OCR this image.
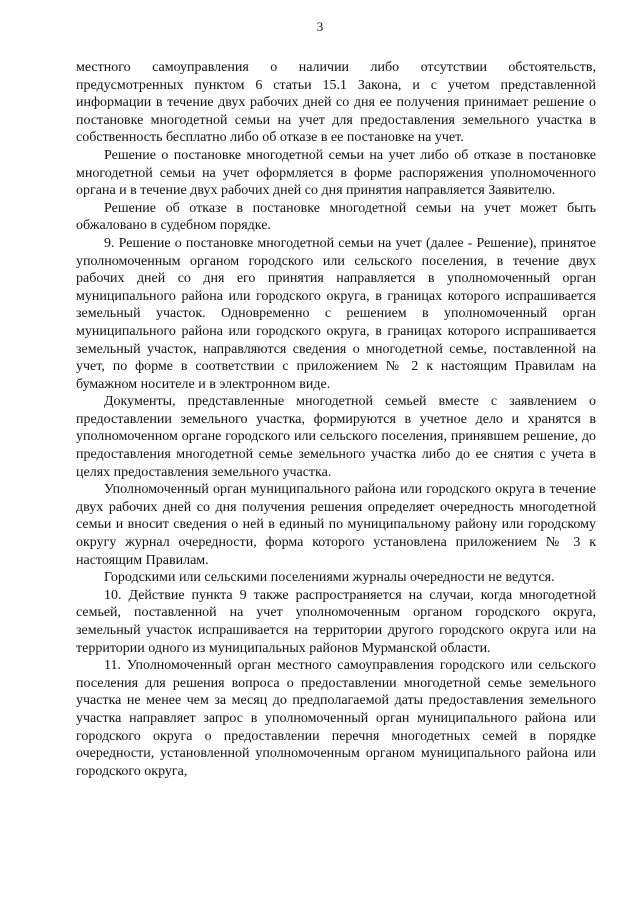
3

местного самоуправления о наличии либо отсутствии обстоятельств, предусмотренных пунктом 6 статьи 15.1 Закона, и с учетом представленной информации в течение двух рабочих дней со дня ее получения принимает решение о постановке многодетной семьи на учет для предоставления земельного участка в собственность бесплатно либо об отказе в ее постановке на учет.

Решение о постановке многодетной семьи на учет либо об отказе в постановке многодетной семьи на учет оформляется в форме распоряжения уполномоченного органа и в течение двух рабочих дней со дня принятия направляется Заявителю.

Решение об отказе в постановке многодетной семьи на учет может быть обжаловано в судебном порядке.

9. Решение о постановке многодетной семьи на учет (далее - Решение), принятое уполномоченным органом городского или сельского поселения, в течение двух рабочих дней со дня его принятия направляется в уполномоченный орган муниципального района или городского округа, в границах которого испрашивается земельный участок. Одновременно с решением в уполномоченный орган муниципального района или городского округа, в границах которого испрашивается земельный участок, направляются сведения о многодетной семье, поставленной на учет, по форме в соответствии с приложением № 2 к настоящим Правилам на бумажном носителе и в электронном виде.

Документы, представленные многодетной семьей вместе с заявлением о предоставлении земельного участка, формируются в учетное дело и хранятся в уполномоченном органе городского или сельского поселения, принявшем решение, до предоставления многодетной семье земельного участка либо до ее снятия с учета в целях предоставления земельного участка.

Уполномоченный орган муниципального района или городского округа в течение двух рабочих дней со дня получения решения определяет очередность многодетной семьи и вносит сведения о ней в единый по муниципальному району или городскому округу журнал очередности, форма которого установлена приложением № 3 к настоящим Правилам.

Городскими или сельскими поселениями журналы очередности не ведутся.

10. Действие пункта 9 также распространяется на случаи, когда многодетной семьей, поставленной на учет уполномоченным органом городского округа, земельный участок испрашивается на территории другого городского округа или на территории одного из муниципальных районов Мурманской области.

11. Уполномоченный орган местного самоуправления городского или сельского поселения для решения вопроса о предоставлении многодетной семье земельного участка не менее чем за месяц до предполагаемой даты предоставления земельного участка направляет запрос в уполномоченный орган муниципального района или городского округа о предоставлении перечня многодетных семей в порядке очередности, установленной уполномоченным органом муниципального района или городского округа,
